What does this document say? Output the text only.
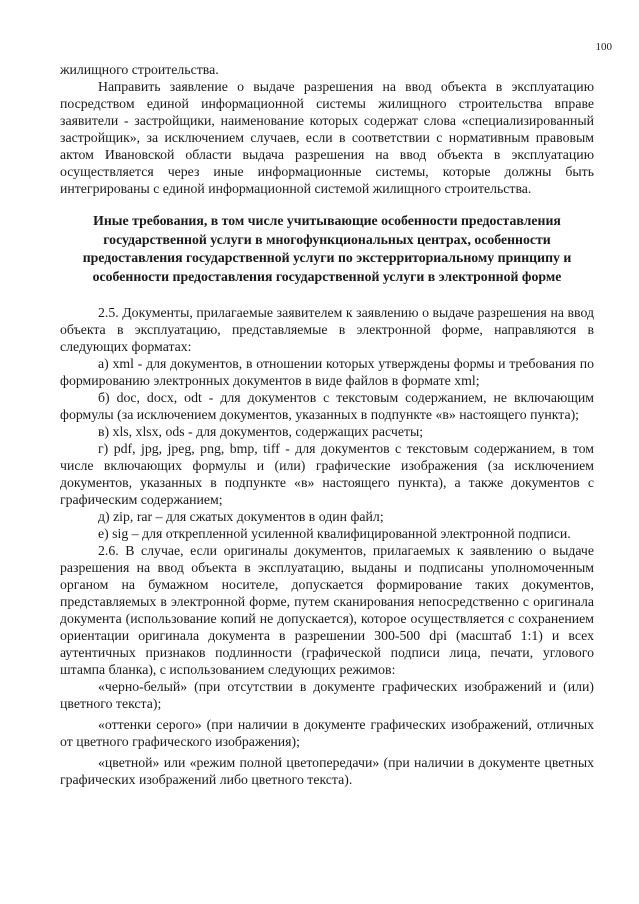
100

жилищного строительства.

Направить заявление о выдаче разрешения на ввод объекта в эксплуатацию посредством единой информационной системы жилищного строительства вправе заявители - застройщики, наименование которых содержат слова «специализированный застройщик», за исключением случаев, если в соответствии с нормативным правовым актом Ивановской области выдача разрешения на ввод объекта в эксплуатацию осуществляется через иные информационные системы, которые должны быть интегрированы с единой информационной системой жилищного строительства.

Иные требования, в том числе учитывающие особенности предоставления государственной услуги в многофункциональных центрах, особенности предоставления государственной услуги по экстерриториальному принципу и особенности предоставления государственной услуги в электронной форме

2.5. Документы, прилагаемые заявителем к заявлению о выдаче разрешения на ввод объекта в эксплуатацию, представляемые в электронной форме, направляются в следующих форматах:

а) xml - для документов, в отношении которых утверждены формы и требования по формированию электронных документов в виде файлов в формате xml;

б) doc, docx, odt - для документов с текстовым содержанием, не включающим формулы (за исключением документов, указанных в подпункте «в» настоящего пункта);

в) xls, xlsx, ods - для документов, содержащих расчеты;

г) pdf, jpg, jpeg, png, bmp, tiff - для документов с текстовым содержанием, в том числе включающих формулы и (или) графические изображения (за исключением документов, указанных в подпункте «в» настоящего пункта), а также документов с графическим содержанием;

д) zip, rar – для сжатых документов в один файл;

е) sig – для открепленной усиленной квалифицированной электронной подписи.

2.6. В случае, если оригиналы документов, прилагаемых к заявлению о выдаче разрешения на ввод объекта в эксплуатацию, выданы и подписаны уполномоченным органом на бумажном носителе, допускается формирование таких документов, представляемых в электронной форме, путем сканирования непосредственно с оригинала документа (использование копий не допускается), которое осуществляется с сохранением ориентации оригинала документа в разрешении 300-500 dpi (масштаб 1:1) и всех аутентичных признаков подлинности (графической подписи лица, печати, углового штампа бланка), с использованием следующих режимов:

«черно-белый» (при отсутствии в документе графических изображений и (или) цветного текста);

«оттенки серого» (при наличии в документе графических изображений, отличных от цветного графического изображения);

«цветной» или «режим полной цветопередачи» (при наличии в документе цветных графических изображений либо цветного текста).
